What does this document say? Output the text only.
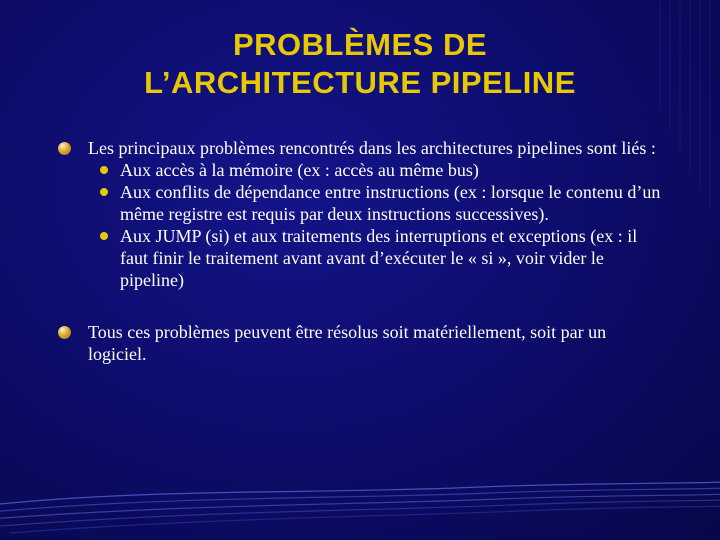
PROBLÈMES DE
L’ARCHITECTURE PIPELINE
Les principaux problèmes rencontrés dans les architectures pipelines sont liés :
Aux accès à la mémoire (ex : accès au même bus)
Aux conflits de dépendance entre instructions (ex : lorsque le contenu d’un même registre est requis par deux instructions successives).
Aux JUMP (si) et aux traitements des interruptions et exceptions (ex : il faut finir le traitement avant avant d’exécuter le « si », voir vider le pipeline)
Tous ces problèmes peuvent être résolus soit matériellement, soit par un logiciel.
